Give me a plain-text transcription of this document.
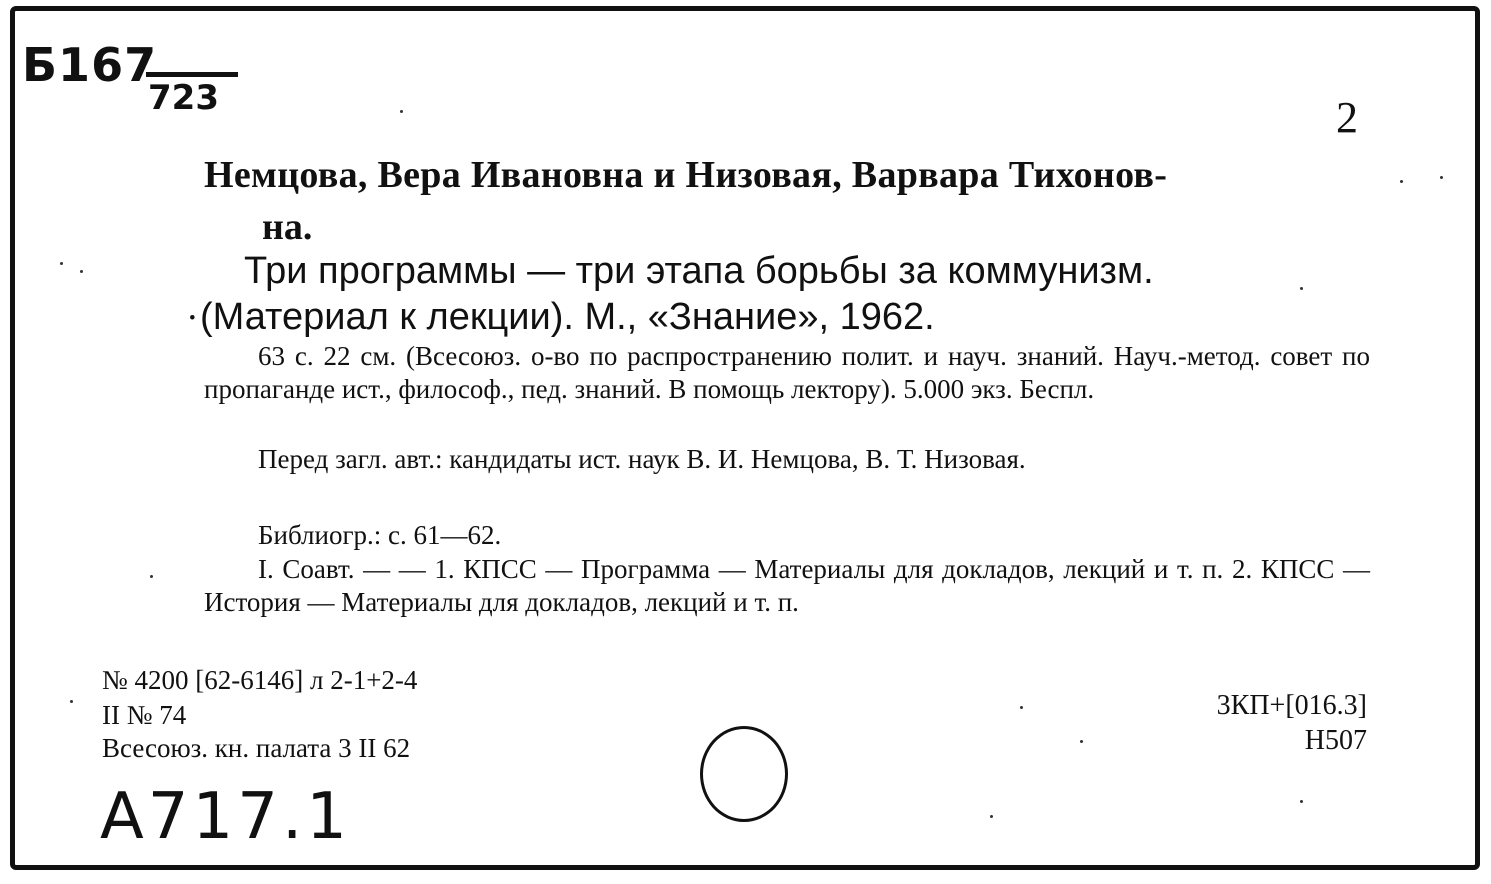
Б167
723	2
Немцова, Вера Ивановна и Низовая, Варвара Тихонов-
на.
Три программы — три этапа борьбы за коммунизм.
· (Материал к лекции). М., «Знание», 1962.
63 с. 22 см. (Всесоюз. о-во по распространению полит. и науч. знаний. Науч.-метод. совет по пропаганде ист., философ., пед. знаний. В помощь лектору). 5.000 экз. Беспл.
Перед загл. авт.: кандидаты ист. наук В. И. Немцова, В. Т. Низовая.
Библиогр.: с. 61—62.
I. Соавт. — — 1. КПСС — Программа — Материалы для докладов, лекций и т. п. 2. КПСС — История — Материалы для докладов, лекций и т. п.
№ 4200 [62-6146] л 2-1+2-4
II № 74
Всесоюз. кн. палата 3 II 62
3КП+[016.3]
Н507
А717.1
